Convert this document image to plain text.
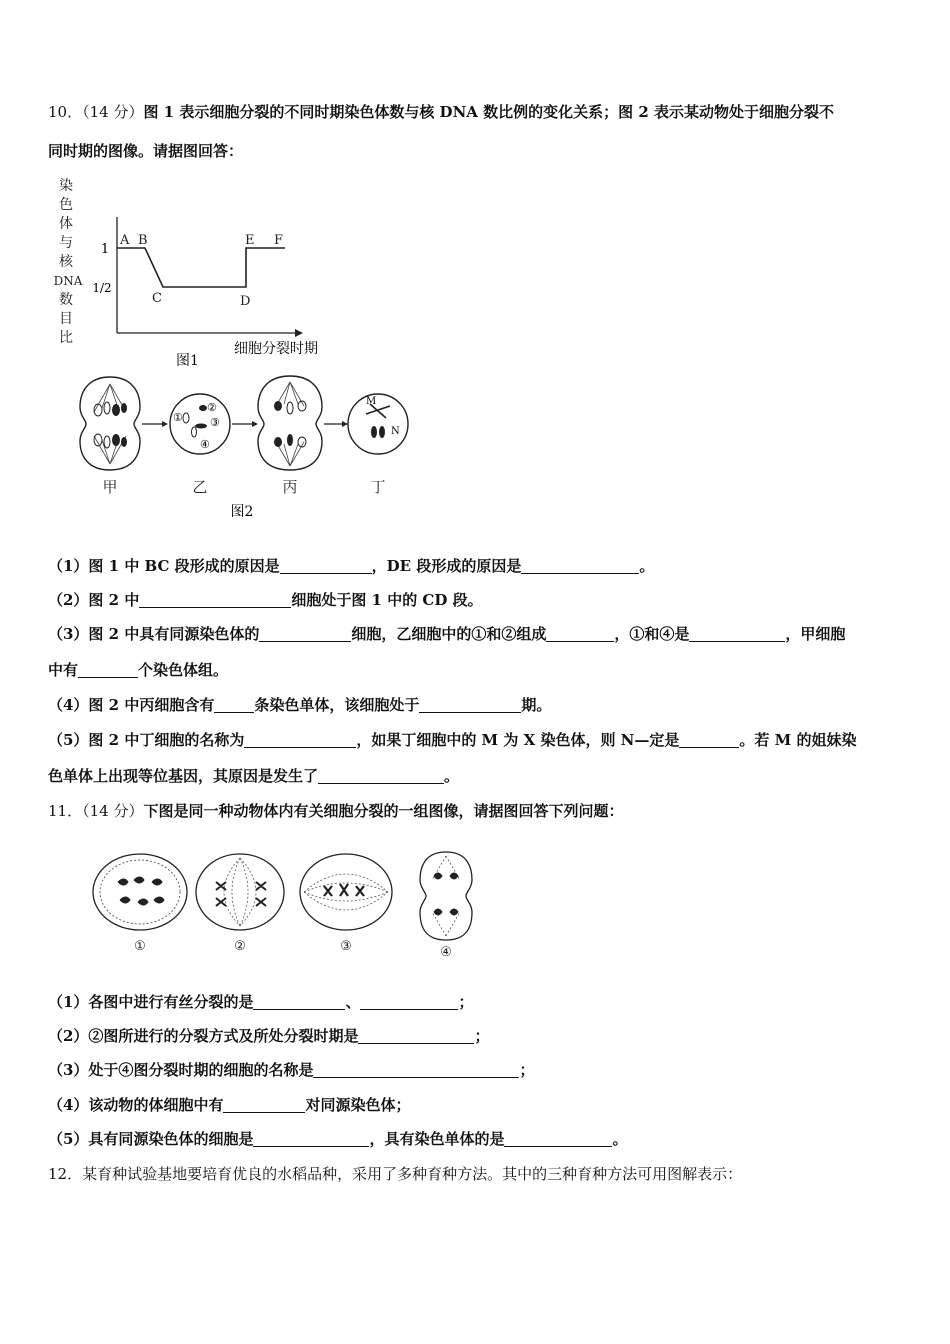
10．（14 分）图 1 表示细胞分裂的不同时期染色体数与核 DNA 数比例的变化关系；图 2 表示某动物处于细胞分裂不
同时期的图像。请据图回答：
染
色
体
与
核
DNA
数
目
比
1
1/2
A B
C	D
E F
细胞分裂时期
图1
①
②
③
④
M
N
甲	乙	丙	丁
图2
（1）图 1 中 BC 段形成的原因是	，DE 段形成的原因是	。
（2）图 2 中	细胞处于图 1 中的 CD 段。
（3）图 2 中具有同源染色体的	细胞，乙细胞中的①和②组成	，①和④是	，甲细胞
中有	个染色体组。
（4）图 2 中丙细胞含有	条染色单体，该细胞处于	期。
（5）图 2 中丁细胞的名称为	，如果丁细胞中的 M 为 X 染色体，则 N—定是	。若 M 的姐妹染
色单体上出现等位基因，其原因是发生了	。
11．（14 分）下图是同一种动物体内有关细胞分裂的一组图像，请据图回答下列问题：
①	②	③	④
（1）各图中进行有丝分裂的是	、	；
（2）②图所进行的分裂方式及所处分裂时期是	；
（3）处于④图分裂时期的细胞的名称是	；
（4）该动物的体细胞中有	对同源染色体；
（5）具有同源染色体的细胞是	，具有染色单体的是	。
12．某育种试验基地要培育优良的水稻品种，采用了多种育种方法。其中的三种育种方法可用图解表示：
